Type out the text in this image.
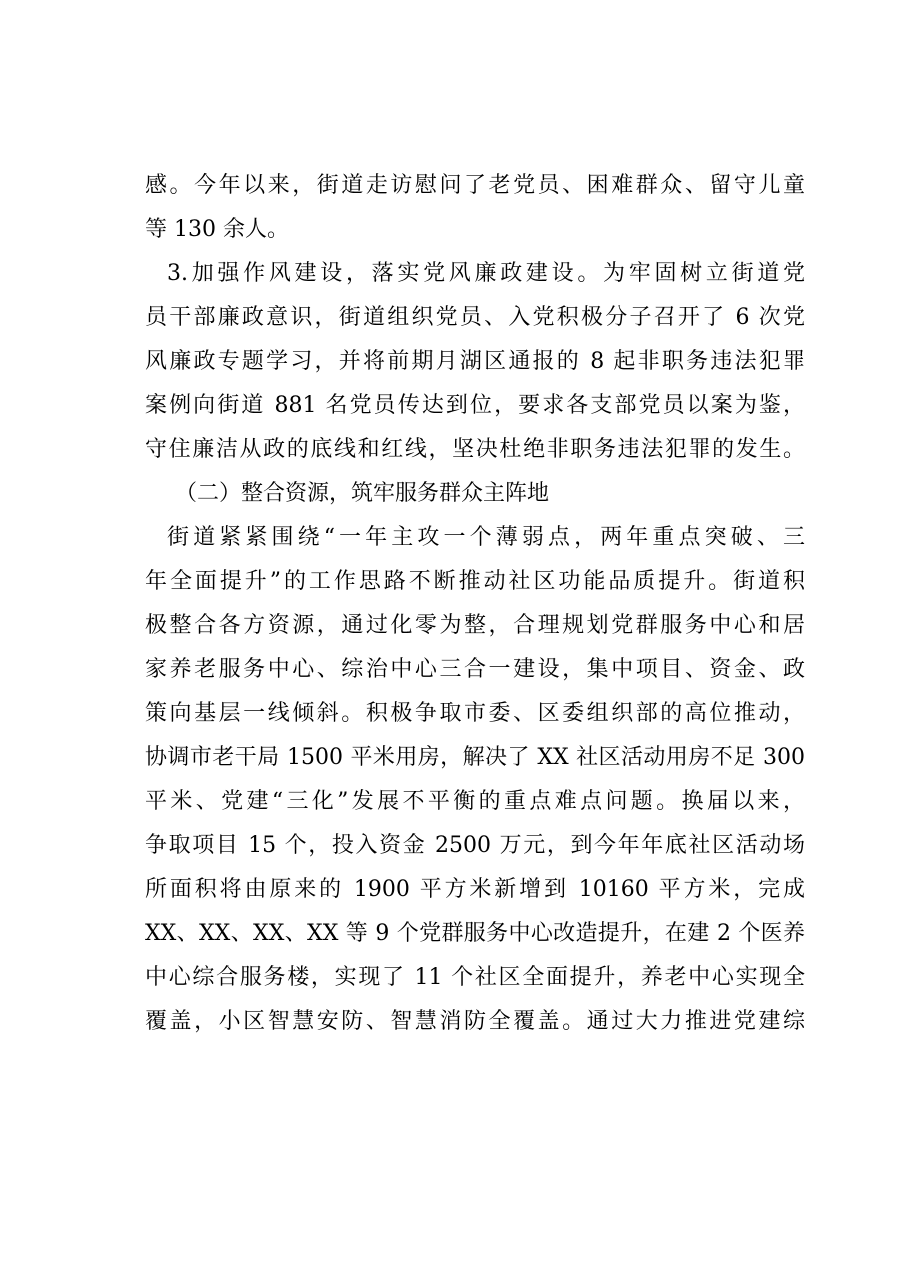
感。今年以来，街道走访慰问了老党员、困难群众、留守儿童
等 130 余人。
3.加强作风建设，落实党风廉政建设。为牢固树立街道党
员干部廉政意识，街道组织党员、入党积极分子召开了 6 次党
风廉政专题学习，并将前期月湖区通报的 8 起非职务违法犯罪
案例向街道 881 名党员传达到位，要求各支部党员以案为鉴，
守住廉洁从政的底线和红线，坚决杜绝非职务违法犯罪的发生。
（二）整合资源，筑牢服务群众主阵地
街道紧紧围绕“一年主攻一个薄弱点，两年重点突破、三
年全面提升”的工作思路不断推动社区功能品质提升。街道积
极整合各方资源，通过化零为整，合理规划党群服务中心和居
家养老服务中心、综治中心三合一建设，集中项目、资金、政
策向基层一线倾斜。积极争取市委、区委组织部的高位推动，
协调市老干局 1500 平米用房，解决了 XX 社区活动用房不足 300
平米、党建“三化”发展不平衡的重点难点问题。换届以来，
争取项目 15 个，投入资金 2500 万元，到今年年底社区活动场
所面积将由原来的 1900 平方米新增到 10160 平方米，完成
XX、XX、XX、XX 等 9 个党群服务中心改造提升，在建 2 个医养
中心综合服务楼，实现了 11 个社区全面提升，养老中心实现全
覆盖，小区智慧安防、智慧消防全覆盖。通过大力推进党建综
